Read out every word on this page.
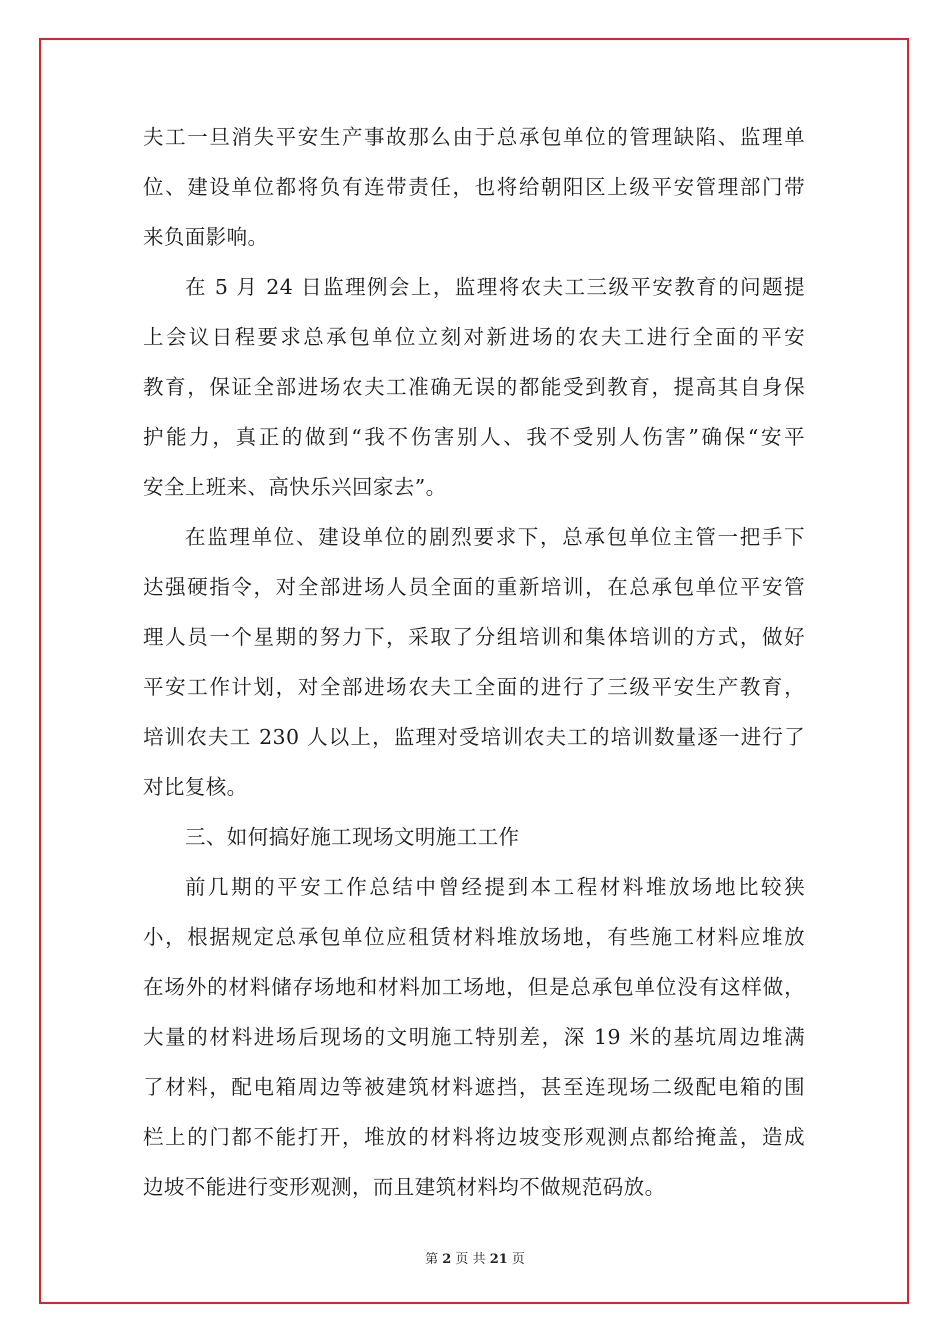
夫工一旦消失平安生产事故那么由于总承包单位的管理缺陷、监理单
位、建设单位都将负有连带责任，也将给朝阳区上级平安管理部门带
来负面影响。
在 5 月 24 日监理例会上，监理将农夫工三级平安教育的问题提
上会议日程要求总承包单位立刻对新进场的农夫工进行全面的平安
教育，保证全部进场农夫工准确无误的都能受到教育，提高其自身保
护能力，真正的做到“我不伤害别人、我不受别人伤害”确保“安平
安全上班来、高快乐兴回家去”。
在监理单位、建设单位的剧烈要求下，总承包单位主管一把手下
达强硬指令，对全部进场人员全面的重新培训，在总承包单位平安管
理人员一个星期的努力下，采取了分组培训和集体培训的方式，做好
平安工作计划，对全部进场农夫工全面的进行了三级平安生产教育，
培训农夫工 230 人以上，监理对受培训农夫工的培训数量逐一进行了
对比复核。
三、如何搞好施工现场文明施工工作
前几期的平安工作总结中曾经提到本工程材料堆放场地比较狭
小，根据规定总承包单位应租赁材料堆放场地，有些施工材料应堆放
在场外的材料储存场地和材料加工场地，但是总承包单位没有这样做，
大量的材料进场后现场的文明施工特别差，深 19 米的基坑周边堆满
了材料，配电箱周边等被建筑材料遮挡，甚至连现场二级配电箱的围
栏上的门都不能打开，堆放的材料将边坡变形观测点都给掩盖，造成
边坡不能进行变形观测，而且建筑材料均不做规范码放。
第 2 页 共 21 页
